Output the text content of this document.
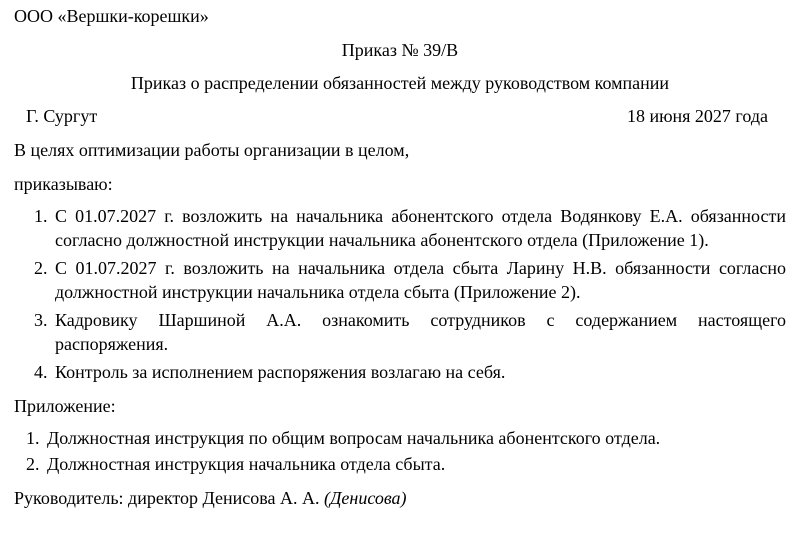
ООО «Вершки-корешки»

Приказ № 39/В

Приказ о распределении обязанностей между руководством компании

Г. Сургут	18 июня 2027 года

В целях оптимизации работы организации в целом,

приказываю:

1. С 01.07.2027 г. возложить на начальника абонентского отдела Водянкову Е.А. обязанности согласно должностной инструкции начальника абонентского отдела (Приложение 1).
2. С 01.07.2027 г. возложить на начальника отдела сбыта Ларину Н.В. обязанности согласно должностной инструкции начальника отдела сбыта (Приложение 2).
3. Кадровику Шаршиной А.А. ознакомить сотрудников с содержанием настоящего распоряжения.
4. Контроль за исполнением распоряжения возлагаю на себя.

Приложение:

1. Должностная инструкция по общим вопросам начальника абонентского отдела.
2. Должностная инструкция начальника отдела сбыта.

Руководитель: директор Денисова А. А. (Денисова)
